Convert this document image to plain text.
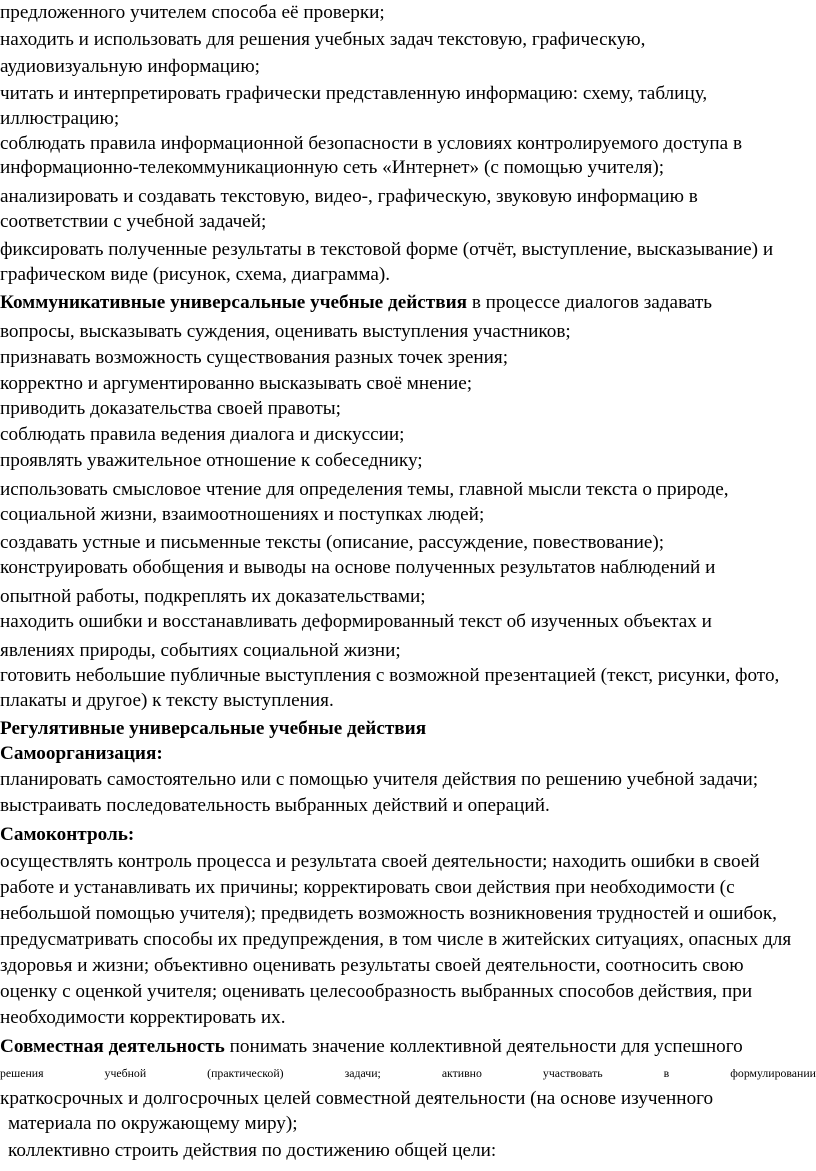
предложенного учителем способа её проверки;
находить и использовать для решения учебных задач текстовую, графическую,
аудиовизуальную информацию;
читать и интерпретировать графически представленную информацию: схему, таблицу,
иллюстрацию;
соблюдать правила информационной безопасности в условиях контролируемого доступа в
информационно-телекоммуникационную сеть «Интернет» (с помощью учителя);
анализировать и создавать текстовую, видео-, графическую, звуковую информацию в
соответствии с учебной задачей;
фиксировать полученные результаты в текстовой форме (отчёт, выступление, высказывание) и
графическом виде (рисунок, схема, диаграмма).
Коммуникативные универсальные учебные действия в процессе диалогов задавать
вопросы, высказывать суждения, оценивать выступления участников;
признавать возможность существования разных точек зрения;
корректно и аргументированно высказывать своё мнение;
приводить доказательства своей правоты;
соблюдать правила ведения диалога и дискуссии;
проявлять уважительное отношение к собеседнику;
использовать смысловое чтение для определения темы, главной мысли текста о природе,
социальной жизни, взаимоотношениях и поступках людей;
создавать устные и письменные тексты (описание, рассуждение, повествование);
конструировать обобщения и выводы на основе полученных результатов наблюдений и
опытной работы, подкреплять их доказательствами;
находить ошибки и восстанавливать деформированный текст об изученных объектах и
явлениях природы, событиях социальной жизни;
готовить небольшие публичные выступления с возможной презентацией (текст, рисунки, фото,
плакаты и другое) к тексту выступления.
Регулятивные универсальные учебные действия
Самоорганизация:
планировать самостоятельно или с помощью учителя действия по решению учебной задачи;
выстраивать последовательность выбранных действий и операций.
Самоконтроль:
осуществлять контроль процесса и результата своей деятельности; находить ошибки в своей
работе и устанавливать их причины; корректировать свои действия при необходимости (с
небольшой помощью учителя); предвидеть возможность возникновения трудностей и ошибок,
предусматривать способы их предупреждения, в том числе в житейских ситуациях, опасных для
здоровья и жизни; объективно оценивать результаты своей деятельности, соотносить свою
оценку с оценкой учителя; оценивать целесообразность выбранных способов действия, при
необходимости корректировать их.
Совместная деятельность понимать значение коллективной деятельности для успешного
решения учебной (практической) задачи; активно участвовать в формулировании
краткосрочных и долгосрочных целей совместной деятельности (на основе изученного
материала по окружающему миру);
коллективно строить действия по достижению общей цели:
